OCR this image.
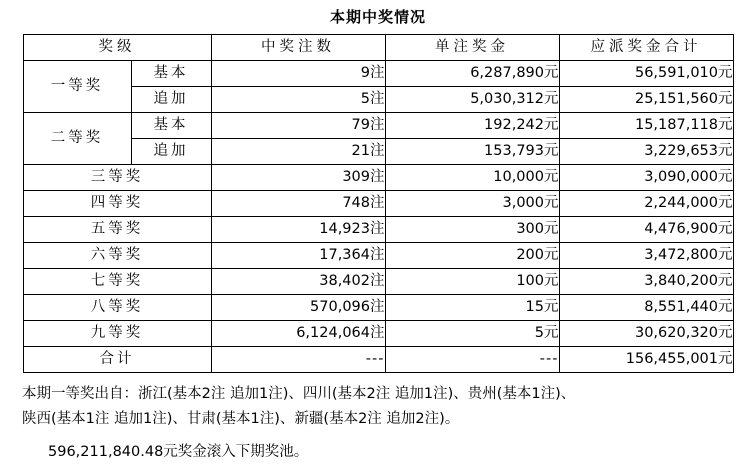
本期中奖情况
奖级		中奖注数	单注奖金	应派奖金合计
一等奖	基本	9注	6,287,890元	56,591,010元
	追加	5注	5,030,312元	25,151,560元
二等奖	基本	79注	192,242元	15,187,118元
	追加	21注	153,793元	3,229,653元
三等奖		309注	10,000元	3,090,000元
四等奖		748注	3,000元	2,244,000元
五等奖		14,923注	300元	4,476,900元
六等奖		17,364注	200元	3,472,800元
七等奖		38,402注	100元	3,840,200元
八等奖		570,096注	15元	8,551,440元
九等奖		6,124,064注	5元	30,620,320元
合计		---	---	156,455,001元
本期一等奖出自：浙江(基本2注 追加1注)、四川(基本2注 追加1注)、贵州(基本1注)、
陕西(基本1注 追加1注)、甘肃(基本1注)、新疆(基本2注 追加2注)。
596,211,840.48元奖金滚入下期奖池。
